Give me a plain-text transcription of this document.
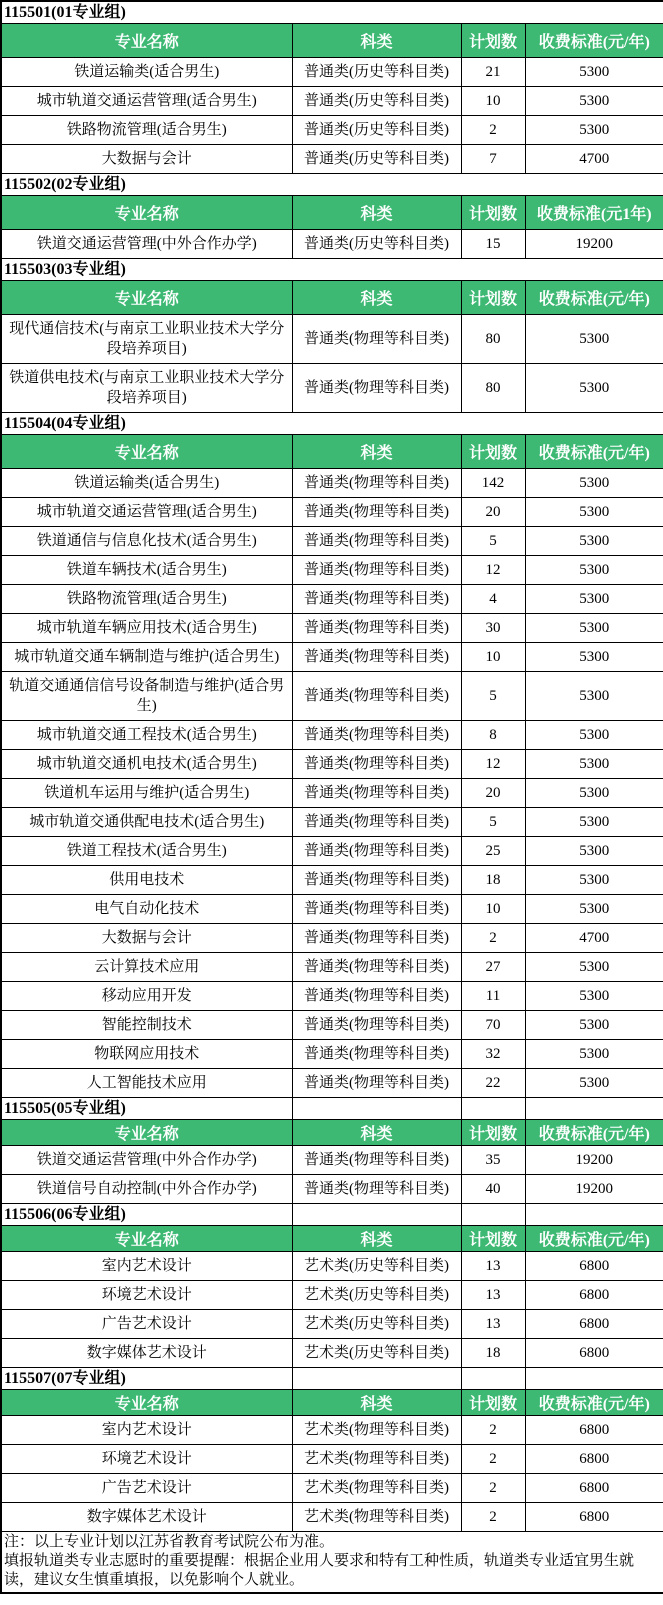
115501(01专业组)			
专业名称	科类	计划数	收费标准(元/年)
铁道运输类(适合男生)	普通类(历史等科目类)	21	5300
城市轨道交通运营管理(适合男生)	普通类(历史等科目类)	10	5300
铁路物流管理(适合男生)	普通类(历史等科目类)	2	5300
大数据与会计	普通类(历史等科目类)	7	4700
115502(02专业组)			
专业名称	科类	计划数	收费标准(元1年)
铁道交通运营管理(中外合作办学)	普通类(历史等科目类)	15	19200
115503(03专业组)			
专业名称	科类	计划数	收费标准(元/年)
现代通信技术(与南京工业职业技术大学分段培养项目)	普通类(物理等科目类)	80	5300
铁道供电技术(与南京工业职业技术大学分段培养项目)	普通类(物理等科目类)	80	5300
115504(04专业组)			
专业名称	科类	计划数	收费标准(元/年)
铁道运输类(适合男生)	普通类(物理等科目类)	142	5300
城市轨道交通运营管理(适合男生)	普通类(物理等科目类)	20	5300
铁道通信与信息化技术(适合男生)	普通类(物理等科目类)	5	5300
铁道车辆技术(适合男生)	普通类(物理等科目类)	12	5300
铁路物流管理(适合男生)	普通类(物理等科目类)	4	5300
城市轨道车辆应用技术(适合男生)	普通类(物理等科目类)	30	5300
城市轨道交通车辆制造与维护(适合男生)	普通类(物理等科目类)	10	5300
轨道交通通信信号设备制造与维护(适合男生)	普通类(物理等科目类)	5	5300
城市轨道交通工程技术(适合男生)	普通类(物理等科目类)	8	5300
城市轨道交通机电技术(适合男生)	普通类(物理等科目类)	12	5300
铁道机车运用与维护(适合男生)	普通类(物理等科目类)	20	5300
城市轨道交通供配电技术(适合男生)	普通类(物理等科目类)	5	5300
铁道工程技术(适合男生)	普通类(物理等科目类)	25	5300
供用电技术	普通类(物理等科目类)	18	5300
电气自动化技术	普通类(物理等科目类)	10	5300
大数据与会计	普通类(物理等科目类)	2	4700
云计算技术应用	普通类(物理等科目类)	27	5300
移动应用开发	普通类(物理等科目类)	11	5300
智能控制技术	普通类(物理等科目类)	70	5300
物联网应用技术	普通类(物理等科目类)	32	5300
人工智能技术应用	普通类(物理等科目类)	22	5300
115505(05专业组)			
专业名称	科类	计划数	收费标准(元/年)
铁道交通运营管理(中外合作办学)	普通类(物理等科目类)	35	19200
铁道信号自动控制(中外合作办学)	普通类(物理等科目类)	40	19200
115506(06专业组)			
专业名称	科类	计划数	收费标准(元/年)
室内艺术设计	艺术类(历史等科目类)	13	6800
环境艺术设计	艺术类(历史等科目类)	13	6800
广告艺术设计	艺术类(历史等科目类)	13	6800
数字媒体艺术设计	艺术类(历史等科目类)	18	6800
115507(07专业组)			
专业名称	科类	计划数	收费标准(元/年)
室内艺术设计	艺术类(物理等科目类)	2	6800
环境艺术设计	艺术类(物理等科目类)	2	6800
广告艺术设计	艺术类(物理等科目类)	2	6800
数字媒体艺术设计	艺术类(物理等科目类)	2	6800

注：以上专业计划以江苏省教育考试院公布为准。
填报轨道类专业志愿时的重要提醒：根据企业用人要求和特有工种性质，轨道类专业适宜男生就读，建议女生慎重填报，以免影响个人就业。			
